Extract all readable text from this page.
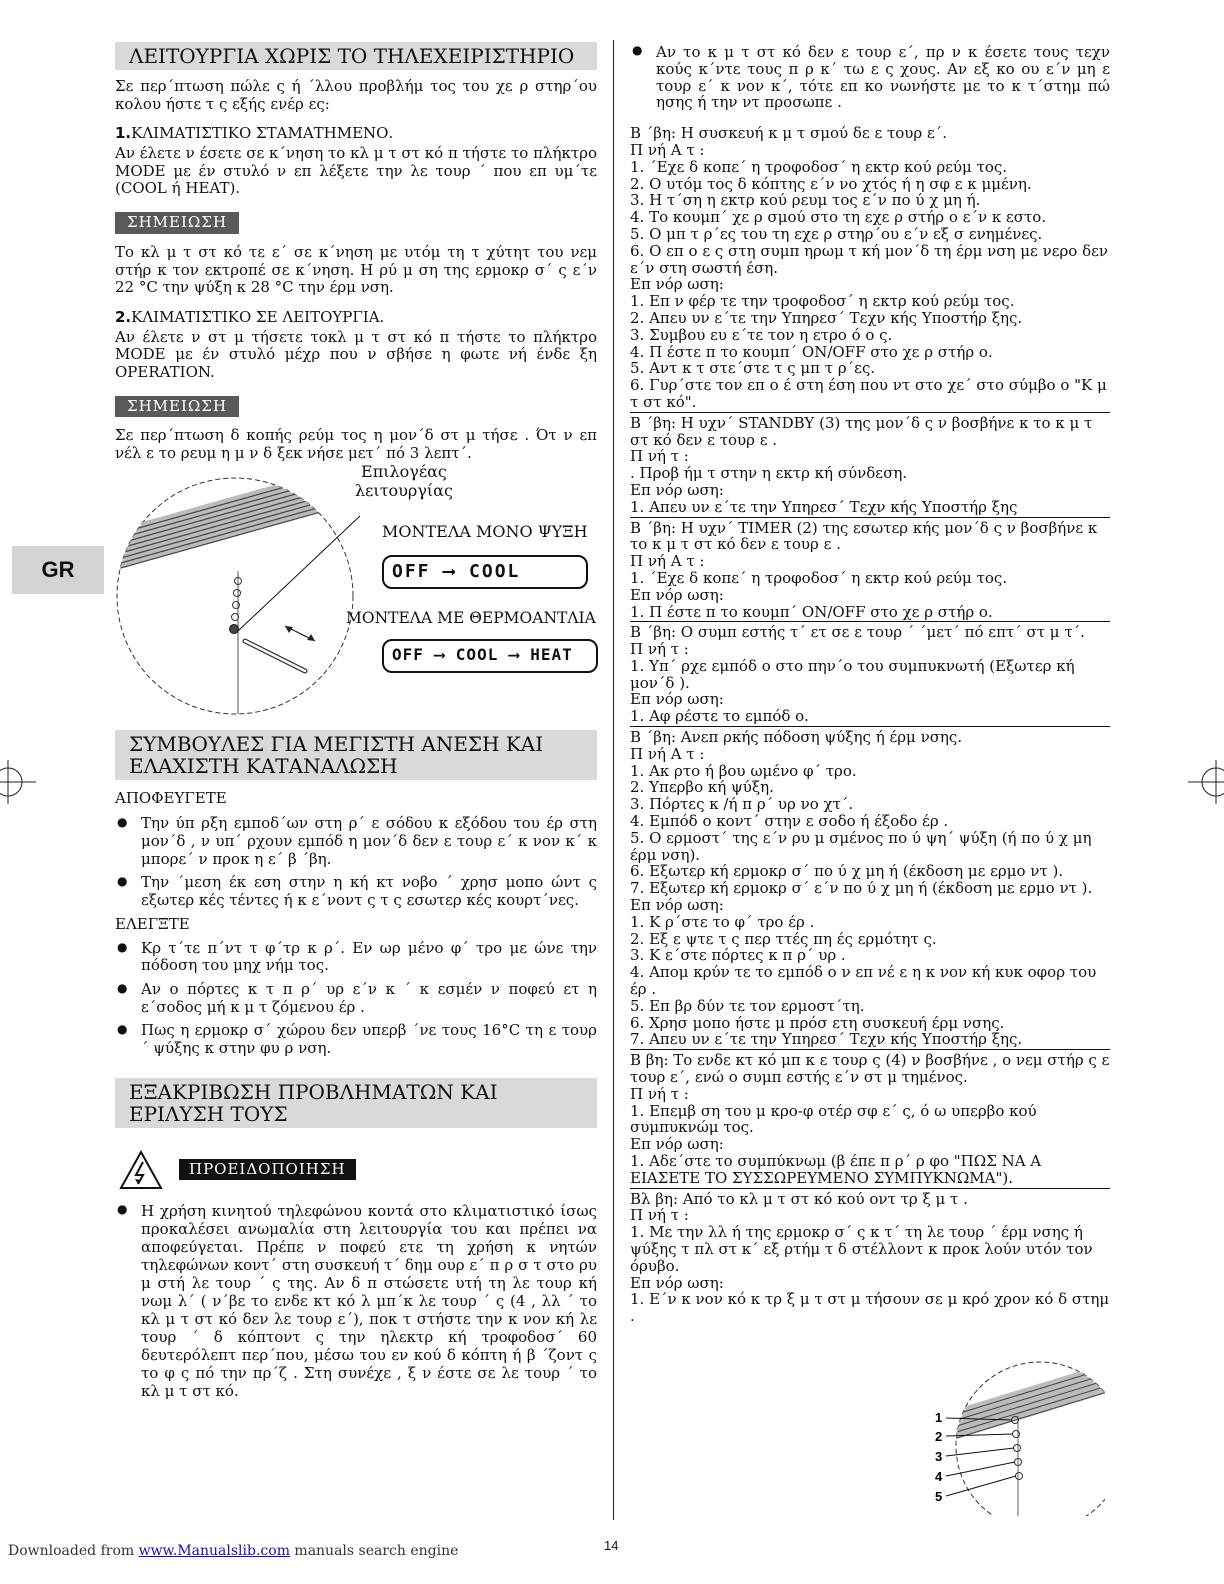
GR
ΛΕΙΤΟΥΡΓΙΑ ΧΩΡΙΣ ΤΟ ΤΗΛΕΧΕΙΡΙΣΤΗΡΙΟ

Σε περ΄πτωση πώλε ς ή ΄λλου προβλήμ τος του χε ρ στηρ΄ου κολου ήστε τ ς εξής ενέρ ες:

1.ΚΛΙΜΑΤΙΣΤΙΚΟ ΣΤΑΜΑΤΗΜΕΝΟ.

Αν έλετε ν έσετε σε κ΄νηση το κλ μ τ στ κό π τήστε το πλήκτρο MODE με έν στυλό ν επ λέξετε την λε τουρ ΄ που επ υμ΄τε (COOL ή HEAT).

ΣΗΜΕΙΩΣΗ

Το κλ μ τ στ κό τε ε΄ σε κ΄νηση με υτόμ τη τ χύτητ του νεμ στήρ κ τον εκτροπέ σε κ΄νηση. Η ρύ μ ση της ερμοκρ σ΄ ς ε΄ν 22 °C την ψύξη κ 28 °C την έρμ νση.

2.ΚΛΙΜΑΤΙΣΤΙΚΟ ΣΕ ΛΕΙΤΟΥΡΓΙΑ.

Αν έλετε ν στ μ τήσετε τοκλ μ τ στ κό π τήστε το πλήκτρο MODE με έν στυλό μέχρ που ν σβήσε η φωτε νή ένδε ξη OPERATION.

ΣΗΜΕΙΩΣΗ

Σε περ΄πτωση δ κοπής ρεύμ τος η μον΄δ στ μ τήσε . Ότ ν επ νέλ ε το ρευμ η μ ν δ ξεκ νήσε μετ΄ πό 3 λεπτ΄.

Επιλογέας
λειτουργίας
ΜΟΝΤΕΛΑ ΜΟΝΟ ΨΥΞΗ
OFF ⟶ COOL
ΜΟΝΤΕΛΑ ΜΕ ΘΕΡΜΟΑΝΤΛΙΑ
OFF ⟶ COOL ⟶ HEAT
ΣΥΜΒΟΥΛΕΣ ΓΙΑ ΜΕΓΙΣΤΗ ΑΝΕΣΗ ΚΑΙ
ΕΛΑΧΙΣΤΗ ΚΑΤΑΝΑΛΩΣΗ
ΑΠΟΦΕΥΓΕΤΕ
● Την ύπ ρξη εμποδ΄ων στη ρ΄ ε σόδου κ εξόδου του έρ στη μον΄δ , ν υπ΄ ρχουν εμπόδ η μον΄δ δεν ε τουρ ε΄ κ νον κ΄ κ μπορε΄ ν προκ η ε΄ β ΄βη.
● Την ΄μεση έκ εση στην η κή κτ νοβο ΄ χρησ μοπο ώντ ς εξωτερ κές τέντες ή κ ε΄νοντ ς τ ς εσωτερ κές κουρτ΄νες.
ΕΛΕΓΞΤΕ
● Κρ τ΄τε π΄ντ τ φ΄τρ κ ρ΄. Εν ωρ μένο φ΄ τρο με ώνε την πόδοση του μηχ νήμ τος.
● Αν ο πόρτες κ τ π ρ΄ υρ ε΄ν κ ΄ κ εσμέν ν ποφεύ ετ η ε΄σοδος μή κ μ τ ζόμενου έρ .
● Πως η ερμοκρ σ΄ χώρου δεν υπερβ ΄νε τους 16°C τη ε τουρ ΄ ψύξης κ στην φυ ρ νση.
ΕΞΑΚΡΙΒΩΣΗ ΠΡΟΒΛΗΜΑΤΩΝ ΚΑΙ
ΕΡΙΛΥΣΗ ΤΟΥΣ
ΠΡΟΕΙΔΟΠΟΙΗΣΗ
● Η χρήση κινητού τηλεφώνου κοντά στο κλιματιστικό ίσως προκαλέσει ανωμαλία στη λειτουργία του και πρέπει να αποφεύγεται. Πρέπε ν ποφεύ ετε τη χρήση κ νητών τηλεφώνων κοντ΄ στη συσκευή τ΄ δημ ουρ ε΄ π ρ σ τ στο ρυ μ στή λε τουρ ΄ ς της. Αν δ π στώσετε υτή τη λε τουρ κή νωμ λ΄ ( ν΄βε το ενδε κτ κό λ μπ΄κ λε τουρ ΄ ς (4 , λλ ΄ το κλ μ τ στ κό δεν λε τουρ ε΄), ποκ τ στήστε την κ νον κή λε τουρ ΄ δ κόπτοντ ς την ηλεκτρ κή τροφοδοσ΄ 60 δευτερόλεπτ περ΄που, μέσω του εν κού δ κόπτη ή β ΄ζοντ ς το φ ς πό την πρ΄ζ . Στη συνέχε , ξ ν έστε σε λε τουρ ΄ το κλ μ τ στ κό.
● Αν το κ μ τ στ κό δεν ε τουρ ε΄, πρ ν κ έσετε τους τεχν κούς κ΄ντε τους π ρ κ΄ τω ε ς χους. Αν εξ κο ου ε΄ν μη ε τουρ ε΄ κ νον κ΄, τότε επ κο νωνήστε με το κ τ΄στημ πώ ησης ή την ντ προσωπε .
Β ΄βη: Η συσκευή κ μ τ σμού δε ε τουρ ε΄.
Π νή Α τ :
1. ΄Εχε δ κοπε΄ η τροφοδοσ΄ η εκτρ κού ρεύμ τος.
2. Ο υτόμ τος δ κόπτης ε΄ν νο χτός ή η σφ ε κ μμένη.
3. Η τ΄ση η εκτρ κού ρευμ τος ε΄ν πο ύ χ μη ή.
4. Το κουμπ΄ χε ρ σμού στο τη εχε ρ στήρ ο ε΄ν κ εστο.
5. Ο μπ τ ρ΄ες του τη εχε ρ στηρ΄ου ε΄ν εξ σ ενημένες.
6. Ο επ ο ε ς στη συμπ ηρωμ τ κή μον΄δ τη έρμ νση με νερο δεν ε΄ν στη σωστή έση.
Επ νόρ ωση:
1. Επ ν φέρ τε την τροφοδοσ΄ η εκτρ κού ρεύμ τος.
2. Απευ υν ε΄τε την Υπηρεσ΄ Τεχν κής Υποστήρ ξης.
3. Συμβου ευ ε΄τε τον η ετρο ό ο ς.
4. Π έστε π το κουμπ΄ ON/OFF στο χε ρ στήρ ο.
5. Αντ κ τ στε΄στε τ ς μπ τ ρ΄ες.
6. Γυρ΄στε τον επ ο έ στη έση που ντ στο χε΄ στο σύμβο ο "Κ μ τ στ κό".
Β ΄βη: Η υχν΄ STANDBY (3) της μον΄δ ς ν βοσβήνε κ το κ μ τ στ κό δεν ε τουρ ε .
Π νή τ :
. Προβ ήμ τ στην η εκτρ κή σύνδεση.
Επ νόρ ωση:
1. Απευ υν ε΄τε την Υπηρεσ΄ Τεχν κής Υποστήρ ξης
Β ΄βη: Η υχν΄ TIMER (2) της εσωτερ κής μον΄δ ς ν βοσβήνε κ το κ μ τ στ κό δεν ε τουρ ε .
Π νή Α τ :
1. ΄Εχε δ κοπε΄ η τροφοδοσ΄ η εκτρ κού ρεύμ τος.
Επ νόρ ωση:
1. Π έστε π το κουμπ΄ ON/OFF στο χε ρ στήρ ο.
Β ΄βη: Ο συμπ εστής τ΄ ετ σε ε τουρ ΄ ΄μετ΄ πό επτ΄ στ μ τ΄.
Π νή τ :
1. Υπ΄ ρχε εμπόδ ο στο πην΄ο του συμπυκνωτή (Εξωτερ κή μον΄δ ).
Επ νόρ ωση:
1. Αφ ρέστε το εμπόδ ο.
Β ΄βη: Ανεπ ρκής πόδοση ψύξης ή έρμ νσης.
Π νή Α τ :
1. Ακ ρτο ή βου ωμένο φ΄ τρο.
2. Υπερβο κή ψύξη.
3. Πόρτες κ /ή π ρ΄ υρ νο χτ΄.
4. Εμπόδ ο κοντ΄ στην ε σοδο ή έξοδο έρ .
5. Ο ερμοστ΄ της ε΄ν ρυ μ σμένος πο ύ ψη΄ ψύξη (ή πο ύ χ μη έρμ νση).
6. Εξωτερ κή ερμοκρ σ΄ πο ύ χ μη ή (έκδοση με ερμο ντ ).
7. Εξωτερ κή ερμοκρ σ΄ ε΄ν πο ύ χ μη ή (έκδοση με ερμο ντ ).
Επ νόρ ωση:
1. Κ ρ΄στε το φ΄ τρο έρ .
2. Εξ ε ψτε τ ς περ ττές πη ές ερμότητ ς.
3. Κ ε΄στε πόρτες κ π ρ΄ υρ .
4. Απομ κρύν τε το εμπόδ ο ν επ νέ ε η κ νον κή κυκ οφορ του έρ .
5. Επ βρ δύν τε τον ερμοστ΄τη.
6. Χρησ μοπο ήστε μ πρόσ ετη συσκευή έρμ νσης.
7. Απευ υν ε΄τε την Υπηρεσ΄ Τεχν κής Υποστήρ ξης.
Β βη: Το ενδε κτ κό μπ κ ε τουρ ς (4) ν βοσβήνε , ο νεμ στήρ ς ε τουρ ε΄, ενώ ο συμπ εστής ε΄ν στ μ τημένος.
Π νή τ :
1. Επεμβ ση του μ κρο-φ οτέρ σφ ε΄ ς, ό ω υπερβο κού συμπυκνώμ τος.
Επ νόρ ωση:
1. Αδε΄στε το συμπύκνωμ (β έπε π ρ΄ ρ φο "ΠΩΣ ΝΑ Α ΕΙΑΣΕΤΕ ΤΟ ΣΥΣΣΩΡΕΥΜΕΝΟ ΣΥΜΠΥΚΝΩΜΑ").
Βλ βη: Από το κλ μ τ στ κό κού οντ τρ ξ μ τ .
Π νή τ :
1. Με την λλ ή της ερμοκρ σ΄ ς κ τ΄ τη λε τουρ ΄ έρμ νσης ή ψύξης τ πλ στ κ΄ εξ ρτήμ τ δ στέλλοντ κ προκ λούν υτόν τον όρυβο.
Επ νόρ ωση:
1. Ε΄ν κ νον κό κ τρ ξ μ τ στ μ τήσουν σε μ κρό χρον κό δ στημ .
1
2
3
4
5
Downloaded from www.Manualslib.com manuals search engine	14
